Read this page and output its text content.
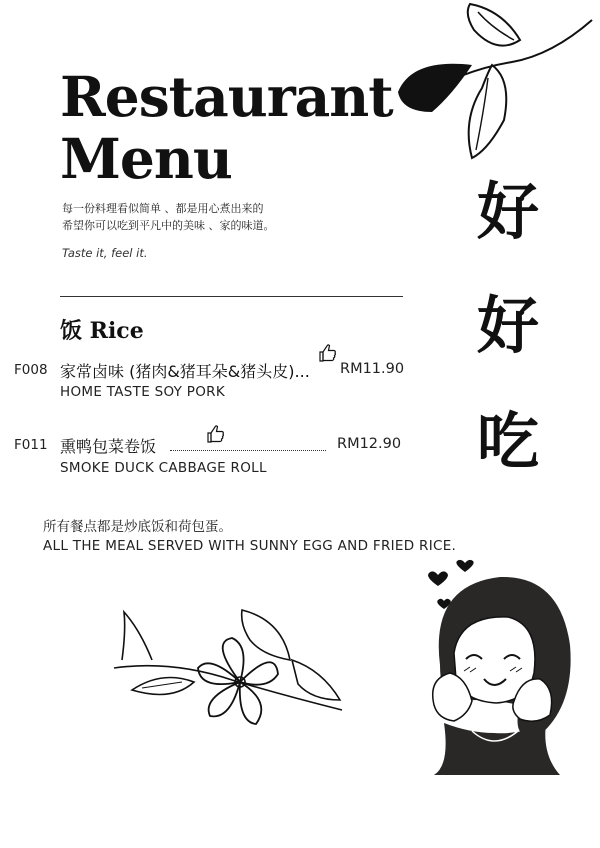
Restaurant
Menu
每一份料理看似简单 、都是用心煮出来的
希望你可以吃到平凡中的美味 、家的味道。
Taste it, feel it.
饭 Rice
F008 家常卤味 (猪肉&猪耳朵&猪头皮)... RM11.90
HOME TASTE SOY PORK
F011 熏鸭包菜卷饭	RM12.90
SMOKE DUCK CABBAGE ROLL
所有餐点都是炒底饭和荷包蛋。
ALL THE MEAL SERVED WITH SUNNY EGG AND FRIED RICE.
好
好
吃
